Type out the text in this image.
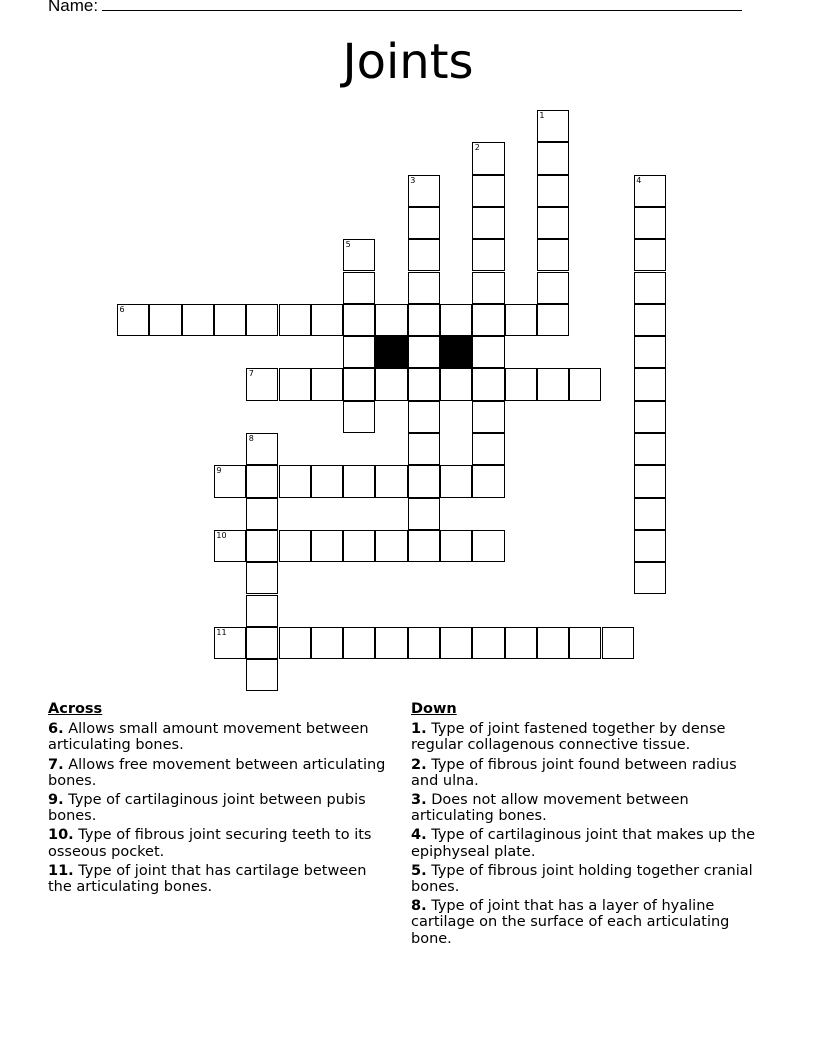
Name:
Joints
1
2
3	4
5
6
7
8
9
10
11
Across
6. Allows small amount movement between articulating bones.
7. Allows free movement between articulating bones.
9. Type of cartilaginous joint between pubis bones.
10. Type of fibrous joint securing teeth to its osseous pocket.
11. Type of joint that has cartilage between the articulating bones.
Down
1. Type of joint fastened together by dense regular collagenous connective tissue.
2. Type of fibrous joint found between radius and ulna.
3. Does not allow movement between articulating bones.
4. Type of cartilaginous joint that makes up the epiphyseal plate.
5. Type of fibrous joint holding together cranial bones.
8. Type of joint that has a layer of hyaline cartilage on the surface of each articulating bone.
